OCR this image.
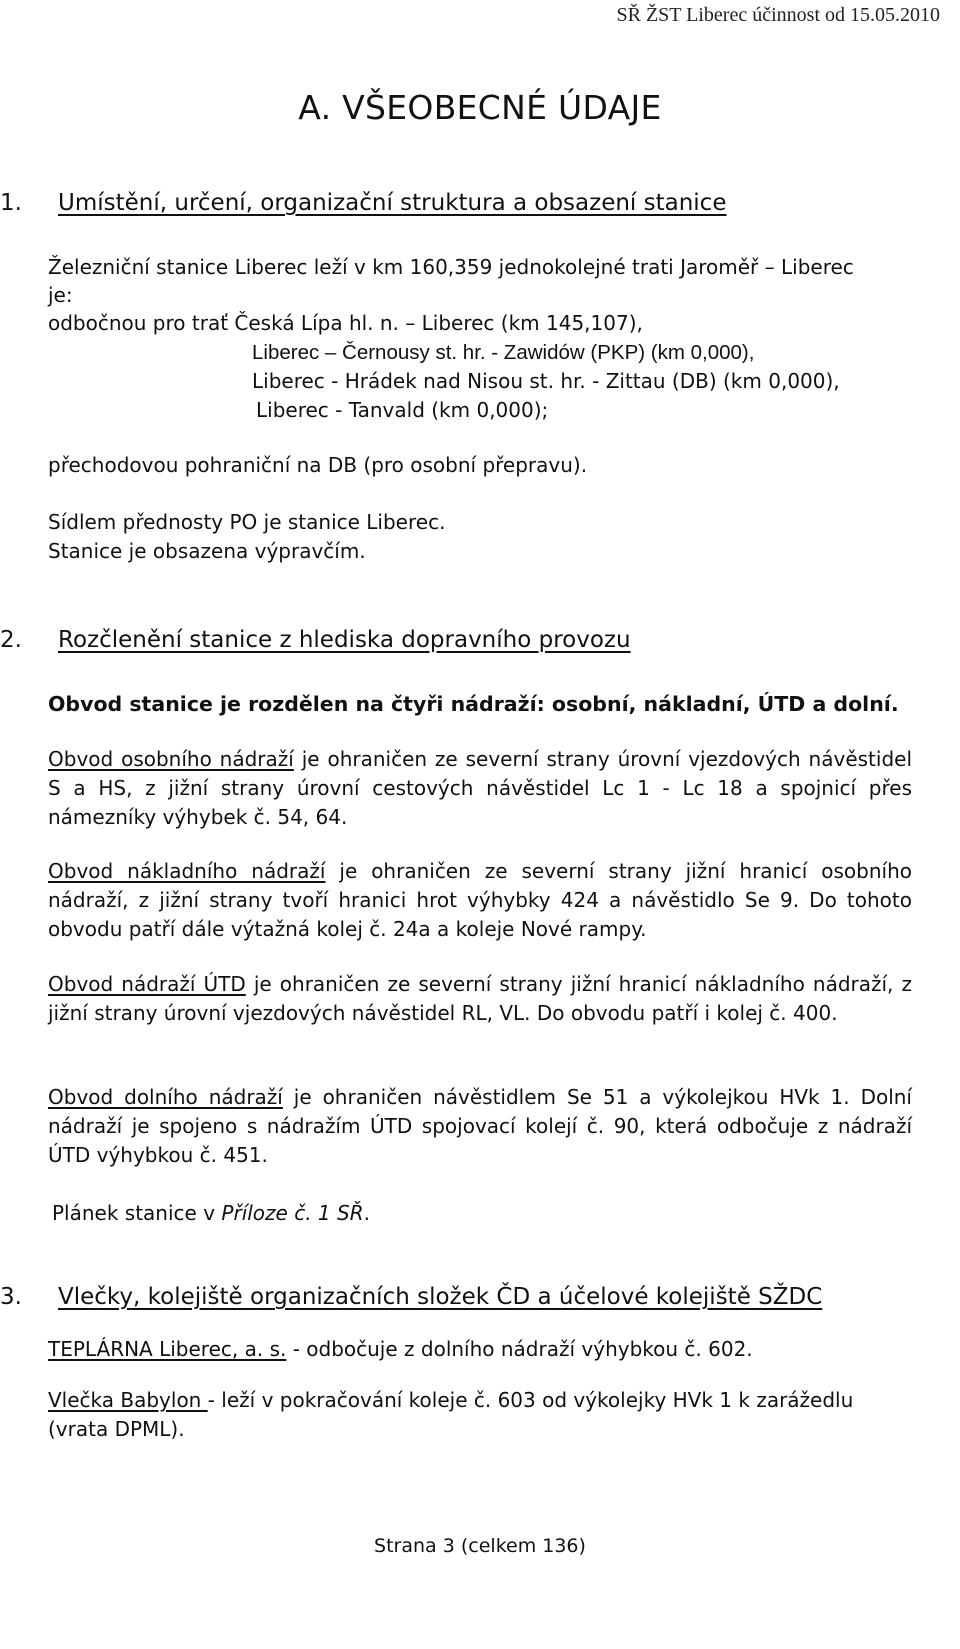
SŘ ŽST Liberec účinnost od 15.05.2010
A. VŠEOBECNÉ ÚDAJE
1. Umístění, určení, organizační struktura a obsazení stanice
Železniční stanice Liberec leží v km 160,359 jednokolejné trati Jaroměř – Liberec
je:
odbočnou pro trať Česká Lípa hl. n. – Liberec (km 145,107),
Liberec – Černousy st. hr. - Zawidów (PKP) (km 0,000),
Liberec - Hrádek nad Nisou st. hr. - Zittau (DB) (km 0,000),
Liberec - Tanvald (km 0,000);
přechodovou pohraniční na DB (pro osobní přepravu).
Sídlem přednosty PO je stanice Liberec.
Stanice je obsazena výpravčím.
2. Rozčlenění stanice z hlediska dopravního provozu
Obvod stanice je rozdělen na čtyři nádraží: osobní, nákladní, ÚTD a dolní.
Obvod osobního nádraží je ohraničen ze severní strany úrovní vjezdových návěstidel S a HS, z jižní strany úrovní cestových návěstidel Lc 1 - Lc 18 a spojnicí přes námezníky výhybek č. 54, 64.
Obvod nákladního nádraží je ohraničen ze severní strany jižní hranicí osobního nádraží, z jižní strany tvoří hranici hrot výhybky 424 a návěstidlo Se 9. Do tohoto obvodu patří dále výtažná kolej č. 24a a koleje Nové rampy.
Obvod nádraží ÚTD je ohraničen ze severní strany jižní hranicí nákladního nádraží, z jižní strany úrovní vjezdových návěstidel RL, VL. Do obvodu patří i kolej č. 400.
Obvod dolního nádraží je ohraničen návěstidlem Se 51 a výkolejkou HVk 1. Dolní nádraží je spojeno s nádražím ÚTD spojovací kolejí č. 90, která odbočuje z nádraží ÚTD výhybkou č. 451.
Plánek stanice v Příloze č. 1 SŘ.
3. Vlečky, kolejiště organizačních složek ČD a účelové kolejiště SŽDC
TEPLÁRNA Liberec, a. s. - odbočuje z dolního nádraží výhybkou č. 602.
Vlečka Babylon - leží v pokračování koleje č. 603 od výkolejky HVk 1 k zarážedlu (vrata DPML).
Strana 3 (celkem 136)
